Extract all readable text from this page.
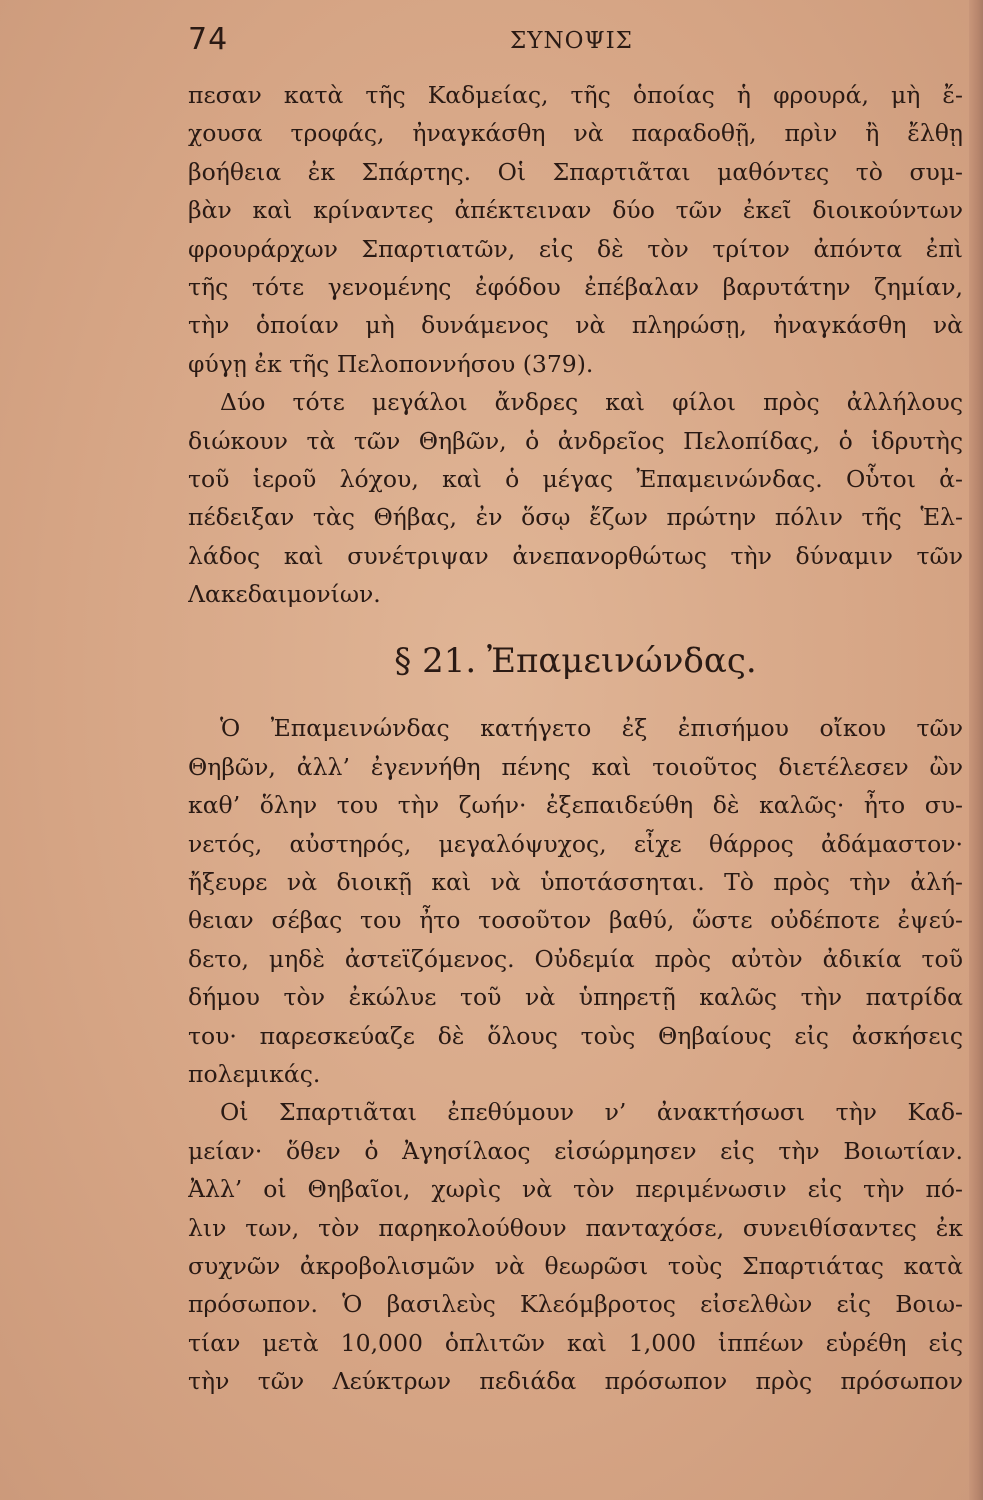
74	ΣΥΝΟΨΙΣ
πεσαν κατὰ τῆς Καδμείας, τῆς ὁποίας ἡ φρουρά, μὴ ἔ-
χουσα τροφάς, ἠναγκάσθη νὰ παραδοθῇ, πρὶν ἢ ἔλθῃ
βοήθεια ἐκ Σπάρτης. Οἱ Σπαρτιᾶται μαθόντες τὸ συμ-
βὰν καὶ κρίναντες ἀπέκτειναν δύο τῶν ἐκεῖ διοικούντων
φρουράρχων Σπαρτιατῶν, εἰς δὲ τὸν τρίτον ἀπόντα ἐπὶ
τῆς τότε γενομένης ἐφόδου ἐπέβαλαν βαρυτάτην ζημίαν,
τὴν ὁποίαν μὴ δυνάμενος νὰ πληρώσῃ, ἠναγκάσθη νὰ
φύγῃ ἐκ τῆς Πελοποννήσου (379).
Δύο τότε μεγάλοι ἄνδρες καὶ φίλοι πρὸς ἀλλήλους
διώκουν τὰ τῶν Θηβῶν, ὁ ἀνδρεῖος Πελοπίδας, ὁ ἱδρυτὴς
τοῦ ἱεροῦ λόχου, καὶ ὁ μέγας Ἐπαμεινώνδας. Οὗτοι ἀ-
πέδειξαν τὰς Θήβας, ἐν ὅσῳ ἔζων πρώτην πόλιν τῆς Ἑλ-
λάδος καὶ συνέτριψαν ἀνεπανορθώτως τὴν δύναμιν τῶν
Λακεδαιμονίων.
§ 21. Ἐπαμεινώνδας.
Ὁ Ἐπαμεινώνδας κατήγετο ἐξ ἐπισήμου οἴκου τῶν
Θηβῶν, ἀλλ’ ἐγεννήθη πένης καὶ τοιοῦτος διετέλεσεν ὢν
καθ’ ὅλην του τὴν ζωήν· ἐξεπαιδεύθη δὲ καλῶς· ἦτο συ-
νετός, αὐστηρός, μεγαλόψυχος, εἶχε θάρρος ἀδάμαστον·
ἤξευρε νὰ διοικῇ καὶ νὰ ὑποτάσσηται. Τὸ πρὸς τὴν ἀλή-
θειαν σέβας του ἦτο τοσοῦτον βαθύ, ὥστε οὐδέποτε ἐψεύ-
δετο, μηδὲ ἀστεϊζόμενος. Οὐδεμία πρὸς αὐτὸν ἀδικία τοῦ
δήμου τὸν ἐκώλυε τοῦ νὰ ὑπηρετῇ καλῶς τὴν πατρίδα
του· παρεσκεύαζε δὲ ὅλους τοὺς Θηβαίους εἰς ἀσκήσεις
πολεμικάς.
Οἱ Σπαρτιᾶται ἐπεθύμουν ν’ ἀνακτήσωσι τὴν Καδ-
μείαν· ὅθεν ὁ Ἀγησίλαος εἰσώρμησεν εἰς τὴν Βοιωτίαν.
Ἀλλ’ οἱ Θηβαῖοι, χωρὶς νὰ τὸν περιμένωσιν εἰς τὴν πό-
λιν των, τὸν παρηκολούθουν πανταχόσε, συνειθίσαντες ἐκ
συχνῶν ἀκροβολισμῶν νὰ θεωρῶσι τοὺς Σπαρτιάτας κατὰ
πρόσωπον. Ὁ βασιλεὺς Κλεόμβροτος εἰσελθὼν εἰς Βοιω-
τίαν μετὰ 10,000 ὁπλιτῶν καὶ 1,000 ἱππέων εὑρέθη εἰς
τὴν τῶν Λεύκτρων πεδιάδα πρόσωπον πρὸς πρόσωπον
